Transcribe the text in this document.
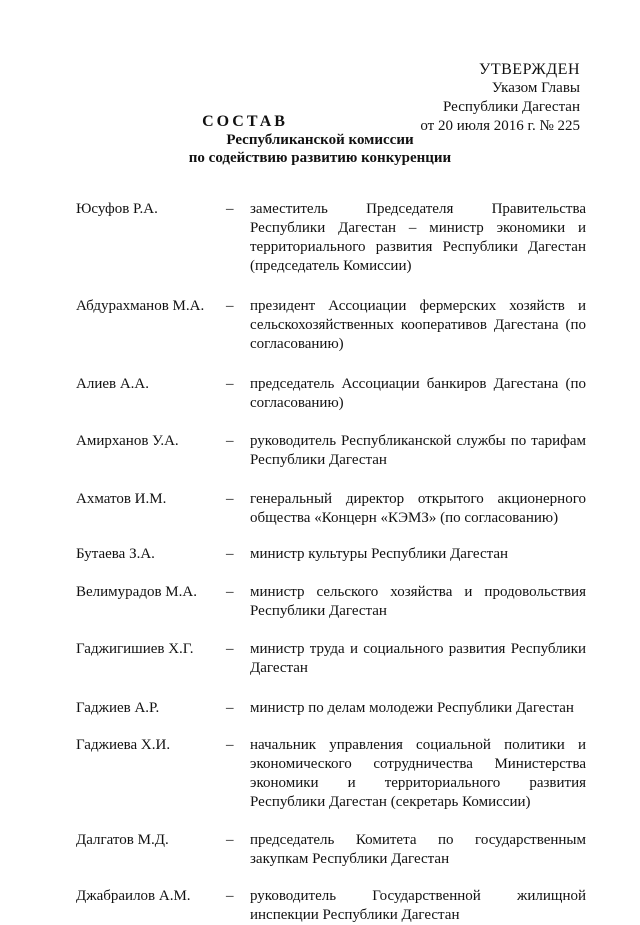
УТВЕРЖДЕН
Указом Главы
Республики Дагестан
от 20 июля 2016 г. № 225
СОСТАВ
Республиканской комиссии
по содействию развитию конкуренции
Юсуфов Р.А.	–	заместитель Председателя Правительства Республики Дагестан – министр экономики и территориального развития Республики Дагестан (председатель Комиссии)
Абдурахманов М.А.	–	президент Ассоциации фермерских хозяйств и сельскохозяйственных кооперативов Дагестана (по согласованию)
Алиев А.А.	–	председатель Ассоциации банкиров Дагестана (по согласованию)
Амирханов У.А.	–	руководитель Республиканской службы по тарифам Республики Дагестан
Ахматов И.М.	–	генеральный директор открытого акционерного общества «Концерн «КЭМЗ» (по согласованию)
Бутаева З.А.	–	министр культуры Республики Дагестан
Велимурадов М.А.	–	министр сельского хозяйства и продовольствия Республики Дагестан
Гаджигишиев Х.Г.	–	министр труда и социального развития Республики Дагестан
Гаджиев А.Р.	–	министр по делам молодежи Республики Дагестан
Гаджиева Х.И.	–	начальник управления социальной политики и экономического сотрудничества Министерства экономики и территориального развития Республики Дагестан (секретарь Комиссии)
Далгатов М.Д.	–	председатель Комитета по государственным закупкам Республики Дагестан
Джабраилов А.М.	–	руководитель Государственной жилищной инспекции Республики Дагестан
